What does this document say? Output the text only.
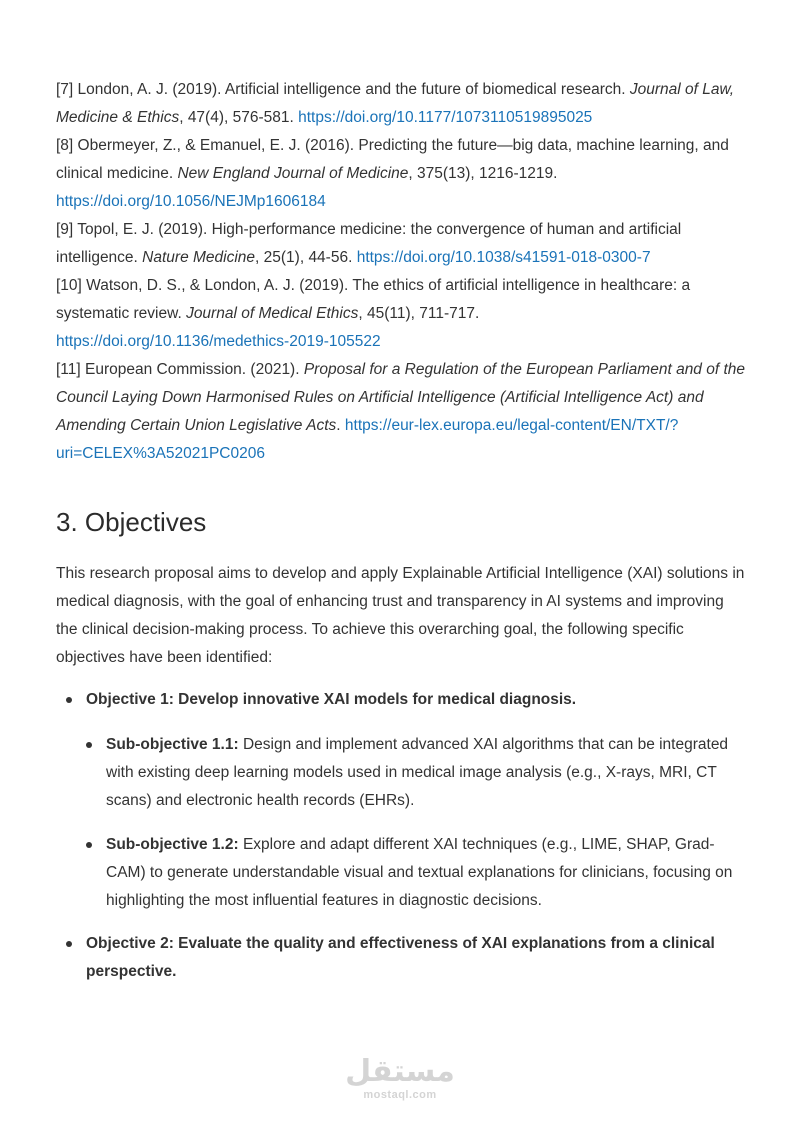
[7] London, A. J. (2019). Artificial intelligence and the future of biomedical research. Journal of Law, Medicine & Ethics, 47(4), 576-581. https://doi.org/10.1177/1073110519895025

[8] Obermeyer, Z., & Emanuel, E. J. (2016). Predicting the future—big data, machine learning, and clinical medicine. New England Journal of Medicine, 375(13), 1216-1219.
https://doi.org/10.1056/NEJMp1606184

[9] Topol, E. J. (2019). High-performance medicine: the convergence of human and artificial intelligence. Nature Medicine, 25(1), 44-56. https://doi.org/10.1038/s41591-018-0300-7

[10] Watson, D. S., & London, A. J. (2019). The ethics of artificial intelligence in healthcare: a systematic review. Journal of Medical Ethics, 45(11), 711-717.
https://doi.org/10.1136/medethics-2019-105522

[11] European Commission. (2021). Proposal for a Regulation of the European Parliament and of the Council Laying Down Harmonised Rules on Artificial Intelligence (Artificial Intelligence Act) and Amending Certain Union Legislative Acts. https://eur-lex.europa.eu/legal-content/EN/TXT/?uri=CELEX%3A52021PC0206

3. Objectives

This research proposal aims to develop and apply Explainable Artificial Intelligence (XAI) solutions in medical diagnosis, with the goal of enhancing trust and transparency in AI systems and improving the clinical decision-making process. To achieve this overarching goal, the following specific objectives have been identified:

Objective 1: Develop innovative XAI models for medical diagnosis.
Sub-objective 1.1: Design and implement advanced XAI algorithms that can be integrated with existing deep learning models used in medical image analysis (e.g., X-rays, MRI, CT scans) and electronic health records (EHRs).
Sub-objective 1.2: Explore and adapt different XAI techniques (e.g., LIME, SHAP, Grad-CAM) to generate understandable visual and textual explanations for clinicians, focusing on highlighting the most influential features in diagnostic decisions.
Objective 2: Evaluate the quality and effectiveness of XAI explanations from a clinical perspective.
مستقل
mostaql.com
